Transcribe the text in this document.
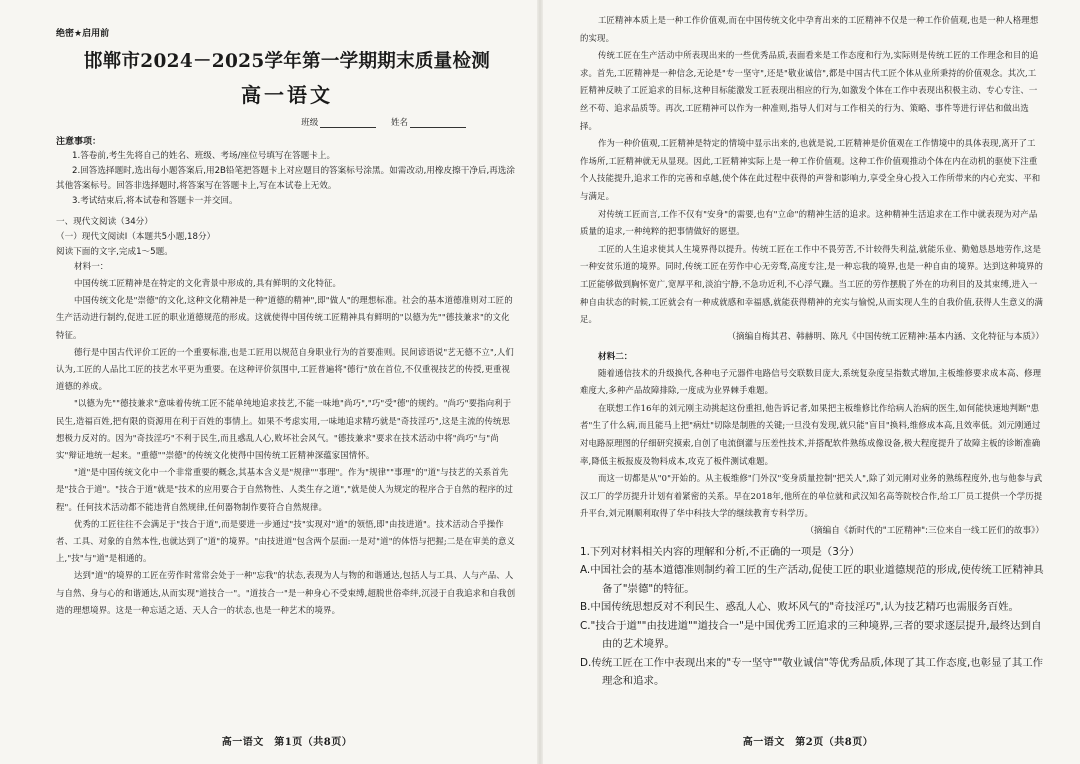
绝密★启用前
邯郸市2024－2025学年第一学期期末质量检测
高一语文
班级	姓名
注意事项：

1.答卷前,考生先将自己的姓名、班级、考场/座位号填写在答题卡上。

2.回答选择题时,选出每小题答案后,用2B铅笔把答题卡上对应题目的答案标号涂黑。如需改动,用橡皮擦干净后,再选涂其他答案标号。回答非选择题时,将答案写在答题卡上,写在本试卷上无效。

3.考试结束后,将本试卷和答题卡一并交回。

一、现代文阅读（34分）
（一）现代文阅读Ⅰ（本题共5小题,18分）
阅读下面的文字,完成1～5题。
材料一：

中国传统工匠精神是在特定的文化背景中形成的,具有鲜明的文化特征。

中国传统文化是"崇德"的文化,这种文化精神是一种"道德的精神",即"做人"的理想标准。社会的基本道德准则对工匠的生产活动进行制约,促进工匠的职业道德规范的形成。这就使得中国传统工匠精神具有鲜明的"以德为先""德技兼求"的文化特征。

德行是中国古代评价工匠的一个重要标准,也是工匠用以规范自身职业行为的首要准则。民间谚语说"艺无德不立",人们认为,工匠的人品比工匠的技艺水平更为重要。在这种评价氛围中,工匠普遍将"德行"放在首位,不仅重视技艺的传授,更重视道德的养成。

"以德为先""德技兼求"意味着传统工匠不能单纯地追求技艺,不能一味地"尚巧","巧"受"德"的规约。"尚巧"要指向利于民生,造福百姓,把有限的资源用在利于百姓的事情上。如果不考虑实用,一味地追求精巧就是"奇技淫巧",这是主流的传统思想极力反对的。因为"奇技淫巧"不利于民生,而且惑乱人心,败坏社会风气。"德技兼求"要求在技术活动中将"尚巧"与"尚实"辩证地统一起来。"重德""崇德"的传统文化使得中国传统工匠精神深蕴家国情怀。

"道"是中国传统文化中一个非常重要的概念,其基本含义是"规律""事理"。作为"规律""事理"的"道"与技艺的关系首先是"技合于道"。"技合于道"就是"技术的应用要合于自然物性、人类生存之道","就是使人为规定的程序合于自然的程序的过程"。任何技术活动都不能违背自然规律,任何器物制作要符合自然规律。

优秀的工匠往往不会满足于"技合于道",而是要进一步通过"技"实现对"道"的领悟,即"由技进道"。技术活动合乎操作者、工具、对象的自然本性,也就达到了"道"的境界。"由技进道"包含两个层面:一是对"道"的体悟与把握;二是在审美的意义上,"技"与"道"是相通的。

达到"道"的境界的工匠在劳作时常常会处于一种"忘我"的状态,表现为人与物的和谐通达,包括人与工具、人与产品、人与自然、身与心的和谐通达,从而实现"道技合一"。"道技合一"是一种身心不受束缚,超脱世俗牵绊,沉浸于自我追求和自我创造的理想境界。这是一种忘适之适、天人合一的状态,也是一种艺术的境界。

高一语文　第1页（共8页）

工匠精神本质上是一种工作价值观,而在中国传统文化中孕育出来的工匠精神不仅是一种工作价值观,也是一种人格理想的实现。

传统工匠在生产活动中所表现出来的一些优秀品质,表面看来是工作态度和行为,实际则是传统工匠的工作理念和目的追求。首先,工匠精神是一种信念,无论是"专一坚守",还是"敬业诚信",都是中国古代工匠个体从业所秉持的价值观念。其次,工匠精神反映了工匠追求的目标,这种目标能激发工匠表现出相应的行为,如激发个体在工作中表现出积极主动、专心专注、一丝不苟、追求品质等。再次,工匠精神可以作为一种准则,指导人们对与工作相关的行为、策略、事件等进行评估和做出选择。

作为一种价值观,工匠精神是特定的情境中显示出来的,也就是说,工匠精神是价值观在工作情境中的具体表现,离开了工作场所,工匠精神就无从显现。因此,工匠精神实际上是一种工作价值观。这种工作价值观推动个体在内在动机的驱使下注重个人技能提升,追求工作的完善和卓越,使个体在此过程中获得的声誉和影响力,享受全身心投入工作所带来的内心充实、平和与满足。

对传统工匠而言,工作不仅有"安身"的需要,也有"立命"的精神生活的追求。这种精神生活追求在工作中就表现为对产品质量的追求,一种纯粹的把事情做好的愿望。

工匠的人生追求使其人生境界得以提升。传统工匠在工作中不畏劳苦,不计较得失利益,就能乐业、勤勉恳恳地劳作,这是一种安贫乐道的境界。同时,传统工匠在劳作中心无旁骛,高度专注,是一种忘我的境界,也是一种自由的境界。达到这种境界的工匠能够做到胸怀宽广,宽厚平和,淡泊宁静,不急功近利,不心浮气躁。当工匠的劳作摆脱了外在的功利目的及其束缚,进入一种自由状态的时候,工匠就会有一种成就感和幸福感,就能获得精神的充实与愉悦,从而实现人生的自我价值,获得人生意义的满足。

（摘编自梅其君、韩赫明、陈凡《中国传统工匠精神:基本内涵、文化特征与本质》）
材料二：

随着通信技术的升级换代,各种电子元器件电路信号交联数目庞大,系统复杂度呈指数式增加,主板维修要求成本高、修理难度大,多种产品故障排除,一度成为业界棘手难题。

在联想工作16年的刘元刚主动挑起这份重担,他告诉记者,如果把主板维修比作给病人治病的医生,如何能快速地判断"患者"生了什么病,而且能马上把"病灶"切除是制胜的关键;一旦没有发现,就只能"盲目"换料,维修成本高,且效率低。刘元刚通过对电路原理图的仔细研究摸索,自创了电流倒灌与压差性技术,并搭配软件熟练成像设备,极大程度提升了故障主板的诊断准确率,降低主板报废及物料成本,攻克了板件测试难题。

而这一切都是从"0"开始的。从主板维修"门外汉"变身质量控制"把关人",除了刘元刚对业务的熟练程度外,也与他参与武汉工厂的学历提升计划有着紧密的关系。早在2018年,他所在的单位就和武汉知名高等院校合作,给工厂员工提供一个学历提升平台,刘元刚顺利取得了华中科技大学的继续教育专科学历。

（摘编自《新时代的"工匠精神":三位来自一线工匠们的故事》）
1.下列对材料相关内容的理解和分析,不正确的一项是（3分）
A.中国社会的基本道德准则制约着工匠的生产活动,促使工匠的职业道德规范的形成,使传统工匠精神具备了"崇德"的特征。
B.中国传统思想反对不利民生、惑乱人心、败坏风气的"奇技淫巧",认为技艺精巧也需服务百姓。
C."技合于道""由技进道""道技合一"是中国优秀工匠追求的三种境界,三者的要求逐层提升,最终达到自由的艺术境界。
D.传统工匠在工作中表现出来的"专一坚守""敬业诚信"等优秀品质,体现了其工作态度,也彰显了其工作理念和追求。
高一语文　第2页（共8页）
